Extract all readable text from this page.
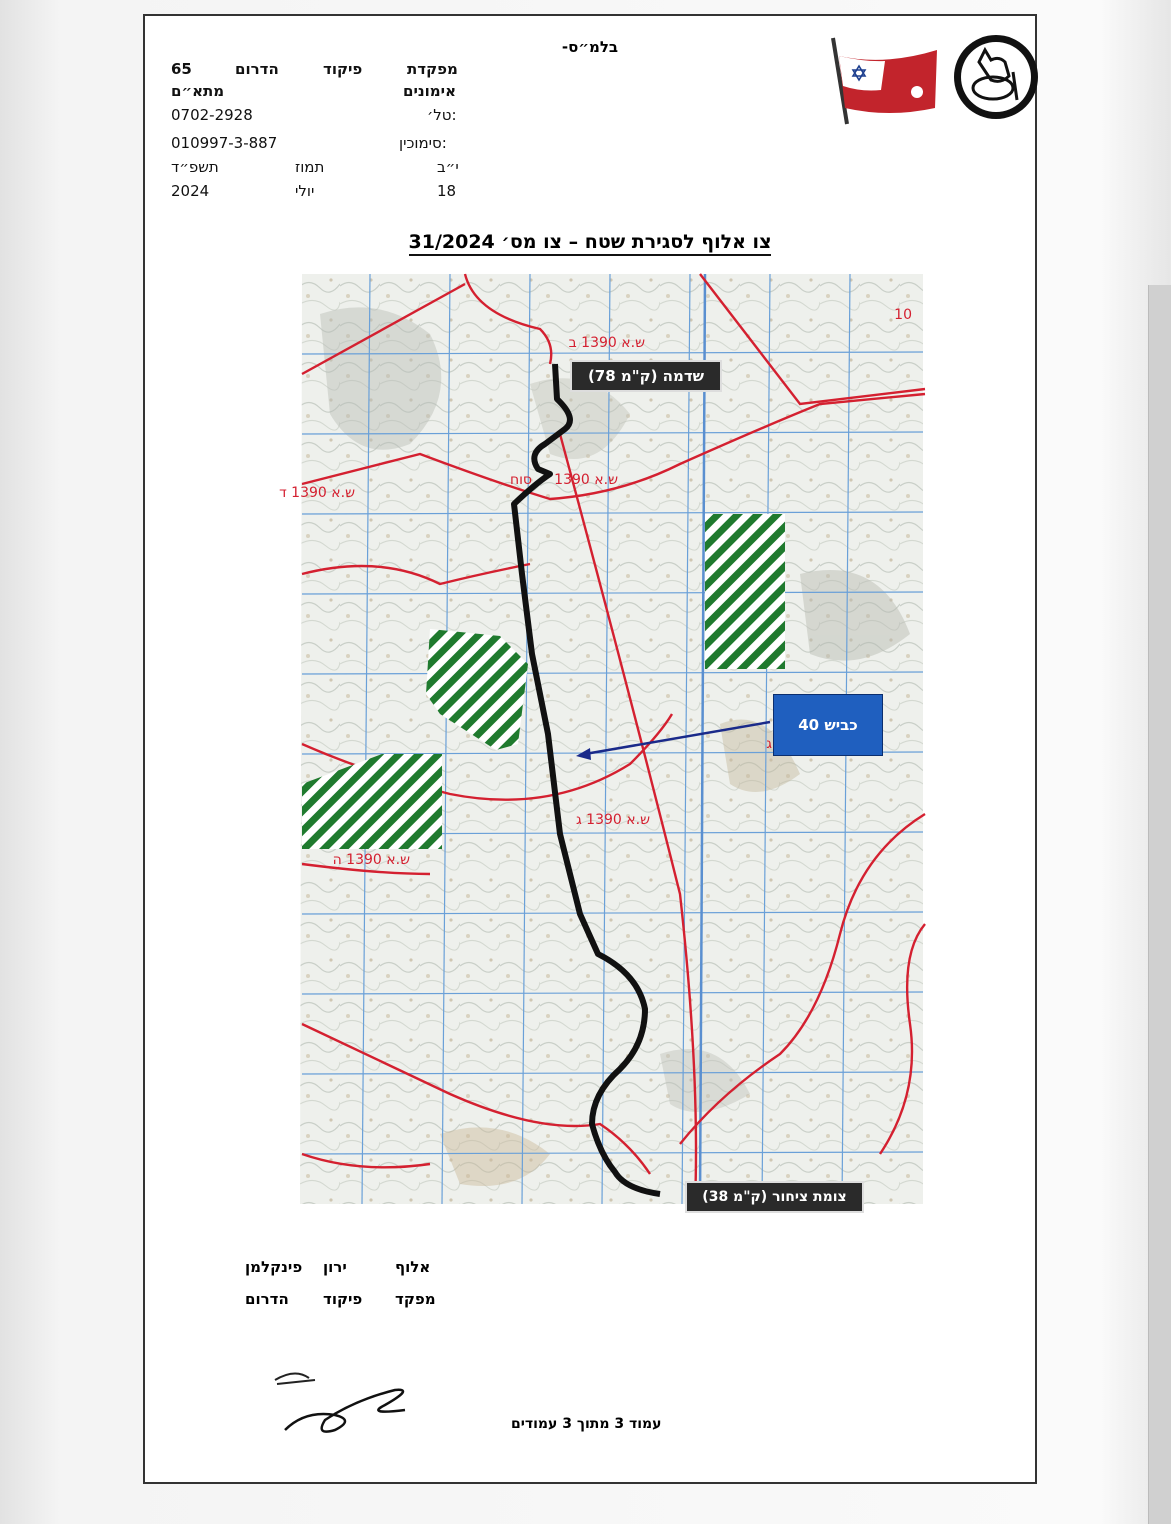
-בלמ״ס
מפקדת
פיקוד
הדרום
65
אימונים
מתא״ם
טל׳:
0702-2928
סימוכין:
010997-3-887
י״ב
תמוז
תשפ״ד
18
יולי
2024
צו אלוף לסגירת שטח – צו מס׳ 31/2024
ש.א 1390 ב
ש.א 1390 ד
ש.א 1390
ש.א 1390 ג
ש.א 1390 ה
10
סוח
ג
שדמה (ק"מ 78)
כביש 40
צומת ציחור (ק"מ 38)
אלוף
ירון
פינקלמן
מפקד
פיקוד
הדרום
עמוד 3 מתוך 3 עמודים
